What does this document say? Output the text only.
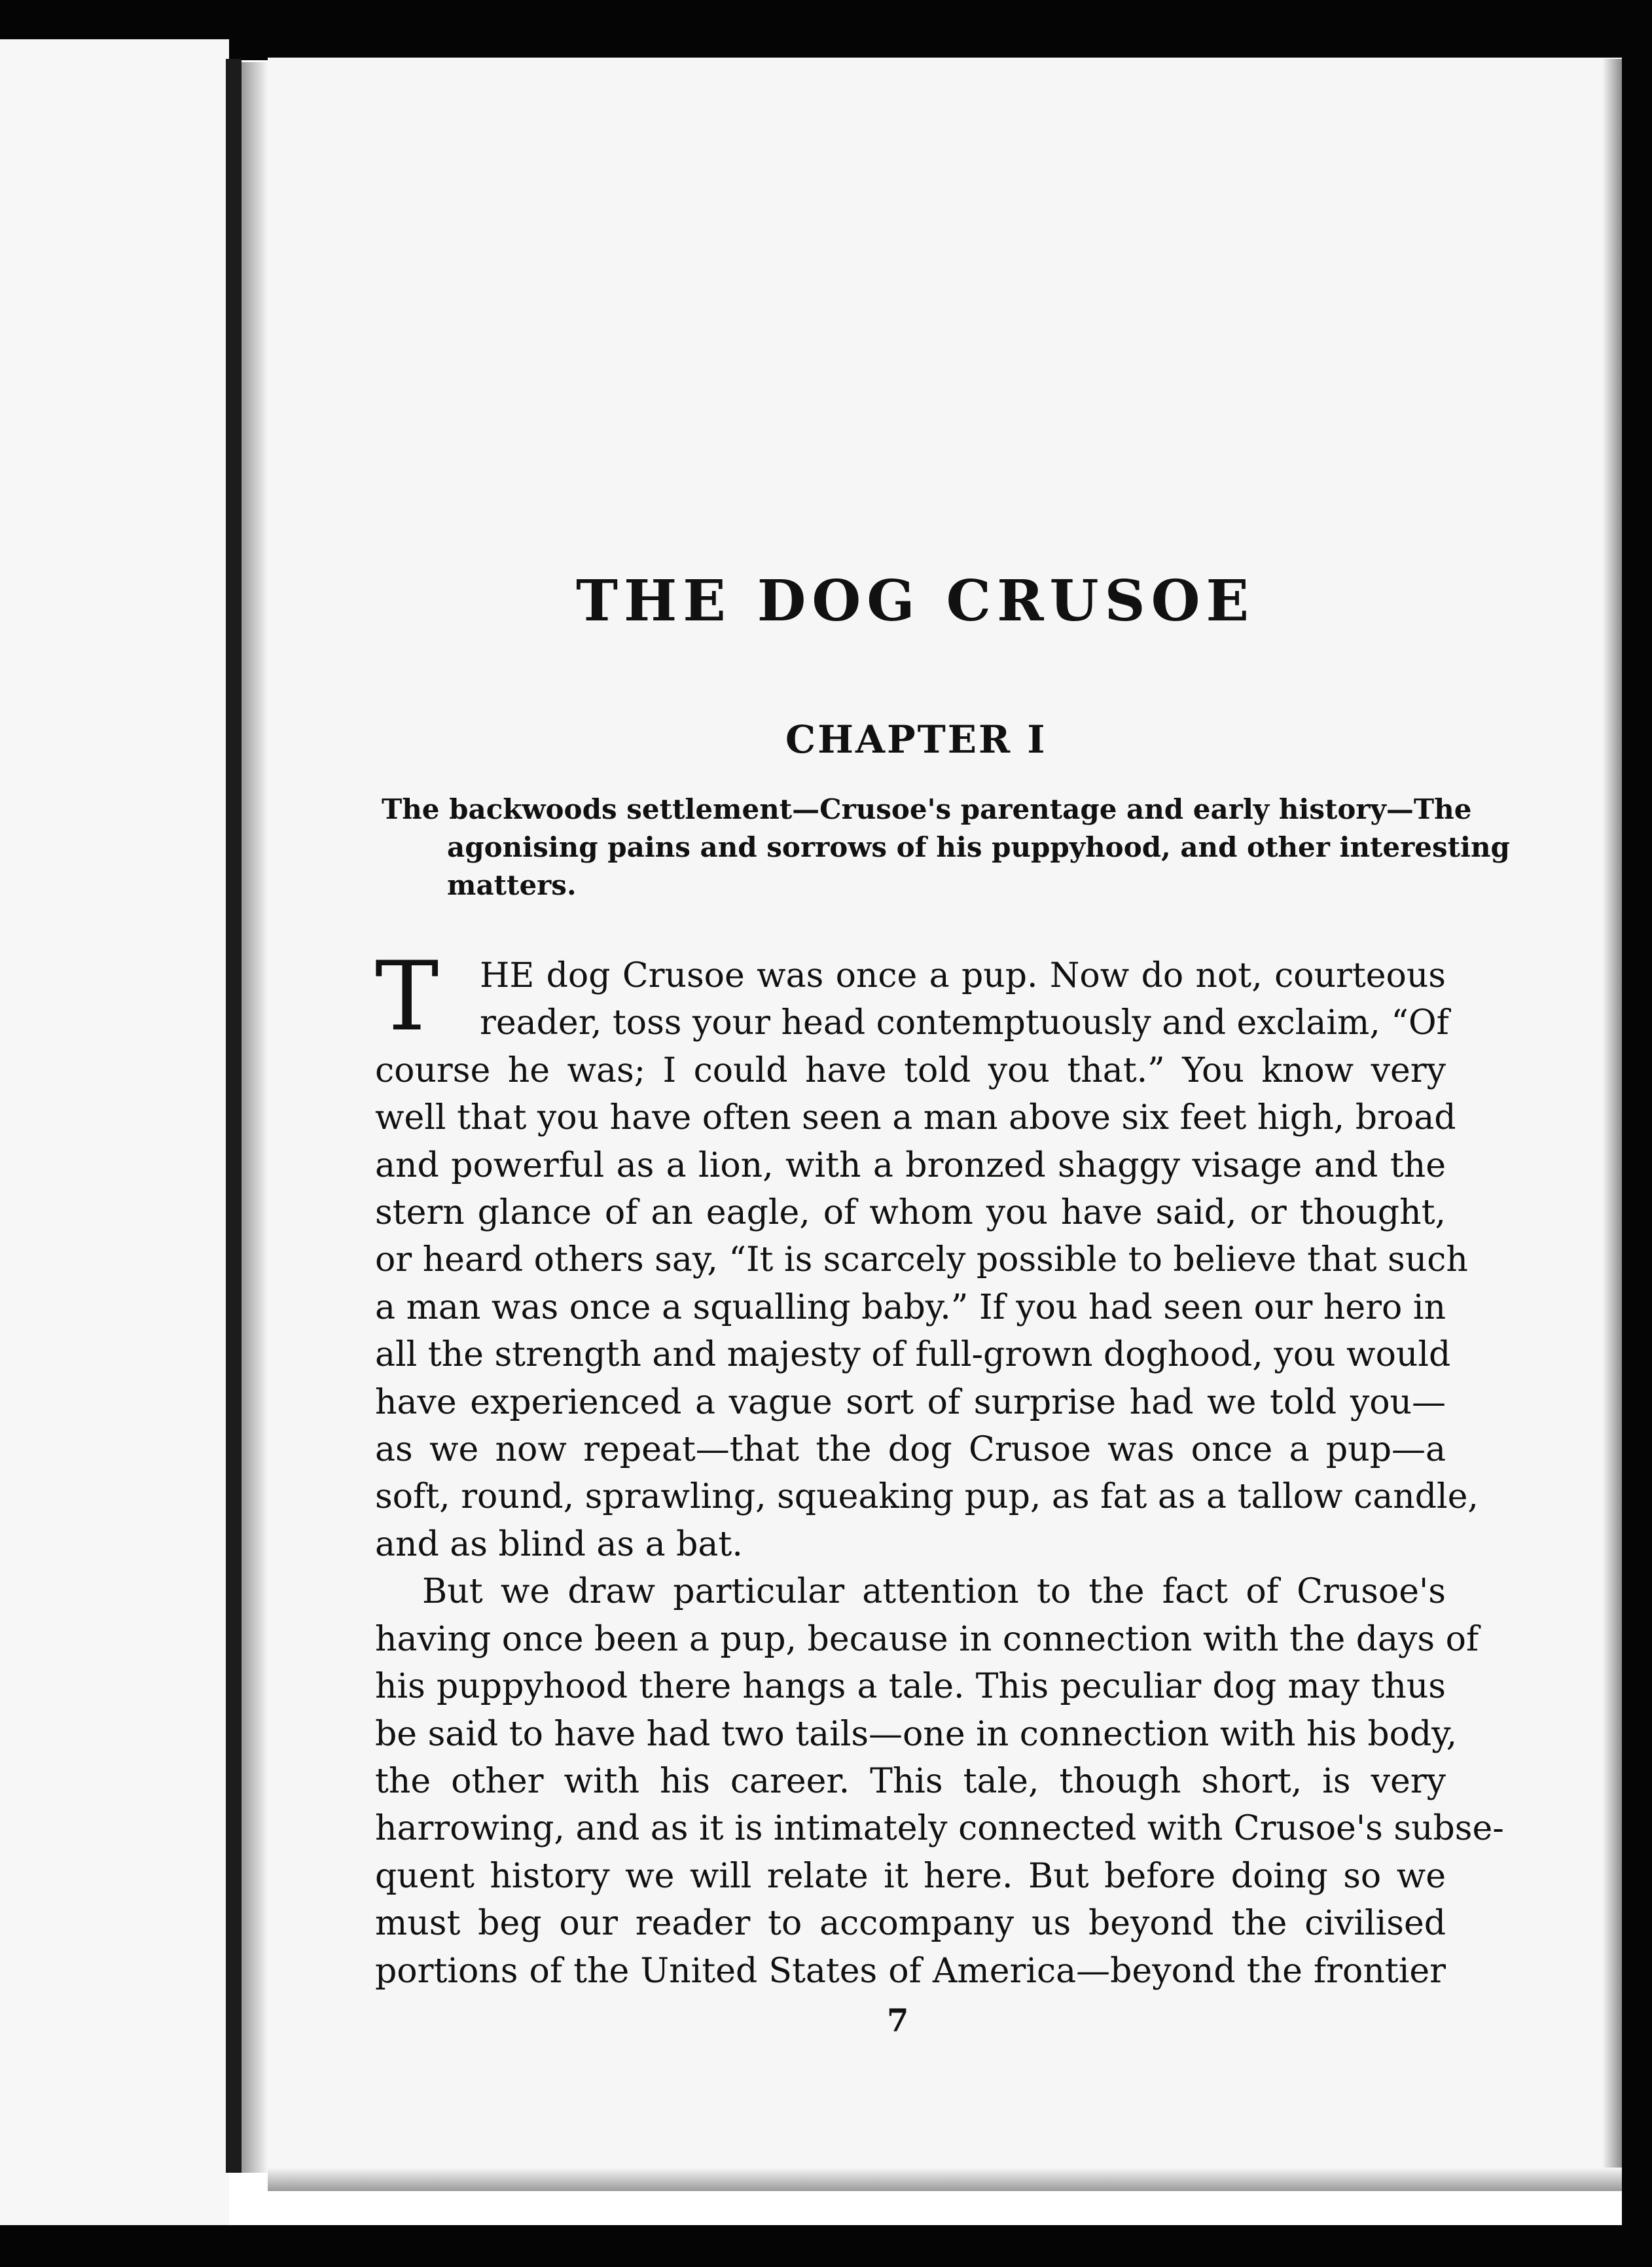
THE DOG CRUSOE
CHAPTER I
The backwoods settlement—Crusoe's parentage and early history—The
agonising pains and sorrows of his puppyhood, and other interesting
matters.
T	HE dog Crusoe was once a pup. Now do not, courteous
reader, toss your head contemptuously and exclaim, “Of
course he was; I could have told you that.” You know very
well that you have often seen a man above six feet high, broad
and powerful as a lion, with a bronzed shaggy visage and the
stern glance of an eagle, of whom you have said, or thought,
or heard others say, “It is scarcely possible to believe that such
a man was once a squalling baby.” If you had seen our hero in
all the strength and majesty of full-grown doghood, you would
have experienced a vague sort of surprise had we told you—
as we now repeat—that the dog Crusoe was once a pup—a
soft, round, sprawling, squeaking pup, as fat as a tallow candle,
and as blind as a bat.
But we draw particular attention to the fact of Crusoe's
having once been a pup, because in connection with the days of
his puppyhood there hangs a tale. This peculiar dog may thus
be said to have had two tails—one in connection with his body,
the other with his career. This tale, though short, is very
harrowing, and as it is intimately connected with Crusoe's subse-
quent history we will relate it here. But before doing so we
must beg our reader to accompany us beyond the civilised
portions of the United States of America—beyond the frontier
7
